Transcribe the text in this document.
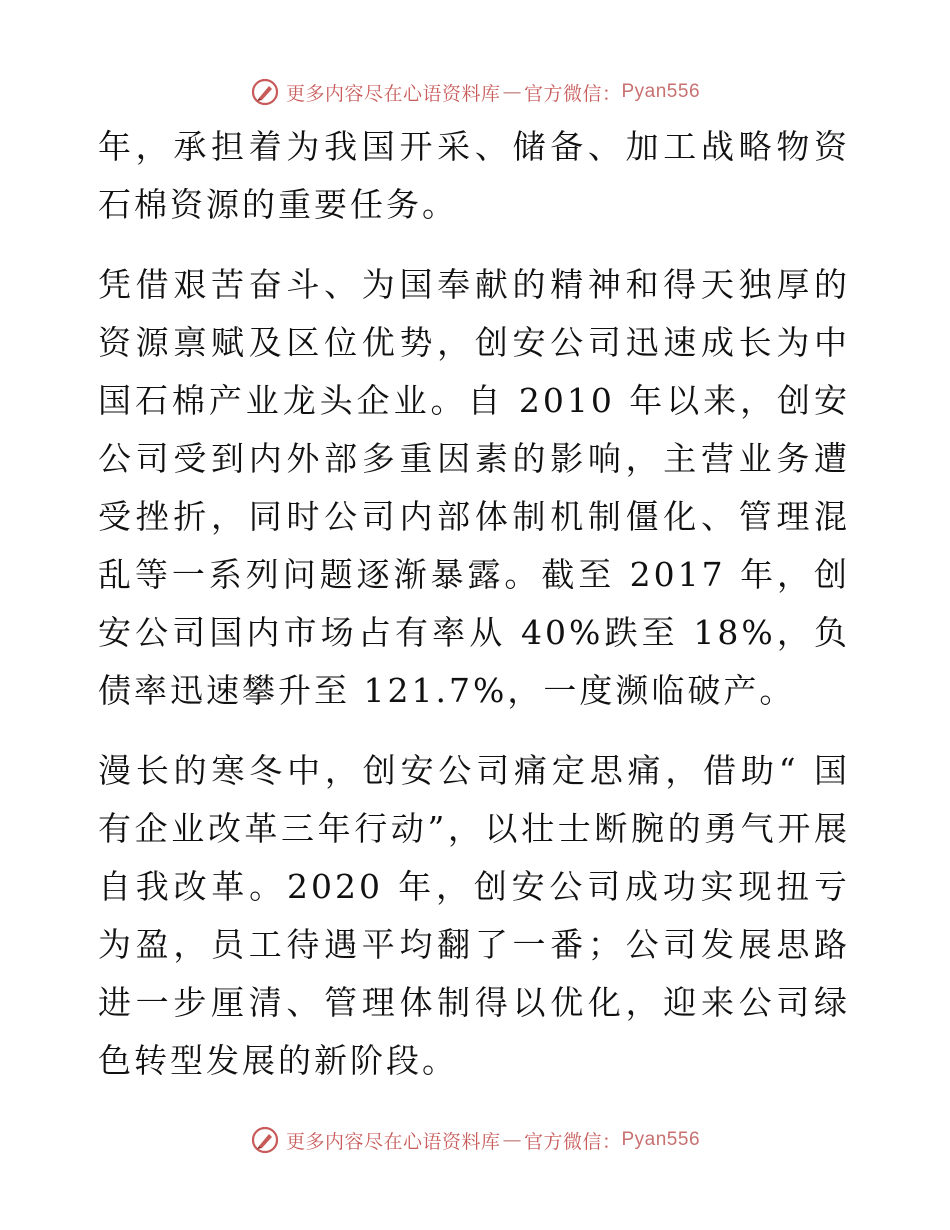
更多内容尽在心语资料库 — 官方微信： Pyan556

年，承担着为我国开采、储备、加工战略物资石棉资源的重要任务。

凭借艰苦奋斗、为国奉献的精神和得天独厚的资源禀赋及区位优势，创安公司迅速成长为中国石棉产业龙头企业。自 2010 年以来，创安公司受到内外部多重因素的影响，主营业务遭受挫折，同时公司内部体制机制僵化、管理混乱等一系列问题逐渐暴露。截至 2017 年，创安公司国内市场占有率从 40%跌至 18%，负债率迅速攀升至 121.7%，一度濒临破产。

漫长的寒冬中，创安公司痛定思痛，借助“ 国有企业改革三年行动”，以壮士断腕的勇气开展自我改革。2020 年，创安公司成功实现扭亏为盈，员工待遇平均翻了一番；公司发展思路进一步厘清、管理体制得以优化，迎来公司绿色转型发展的新阶段。

更多内容尽在心语资料库 — 官方微信： Pyan556
